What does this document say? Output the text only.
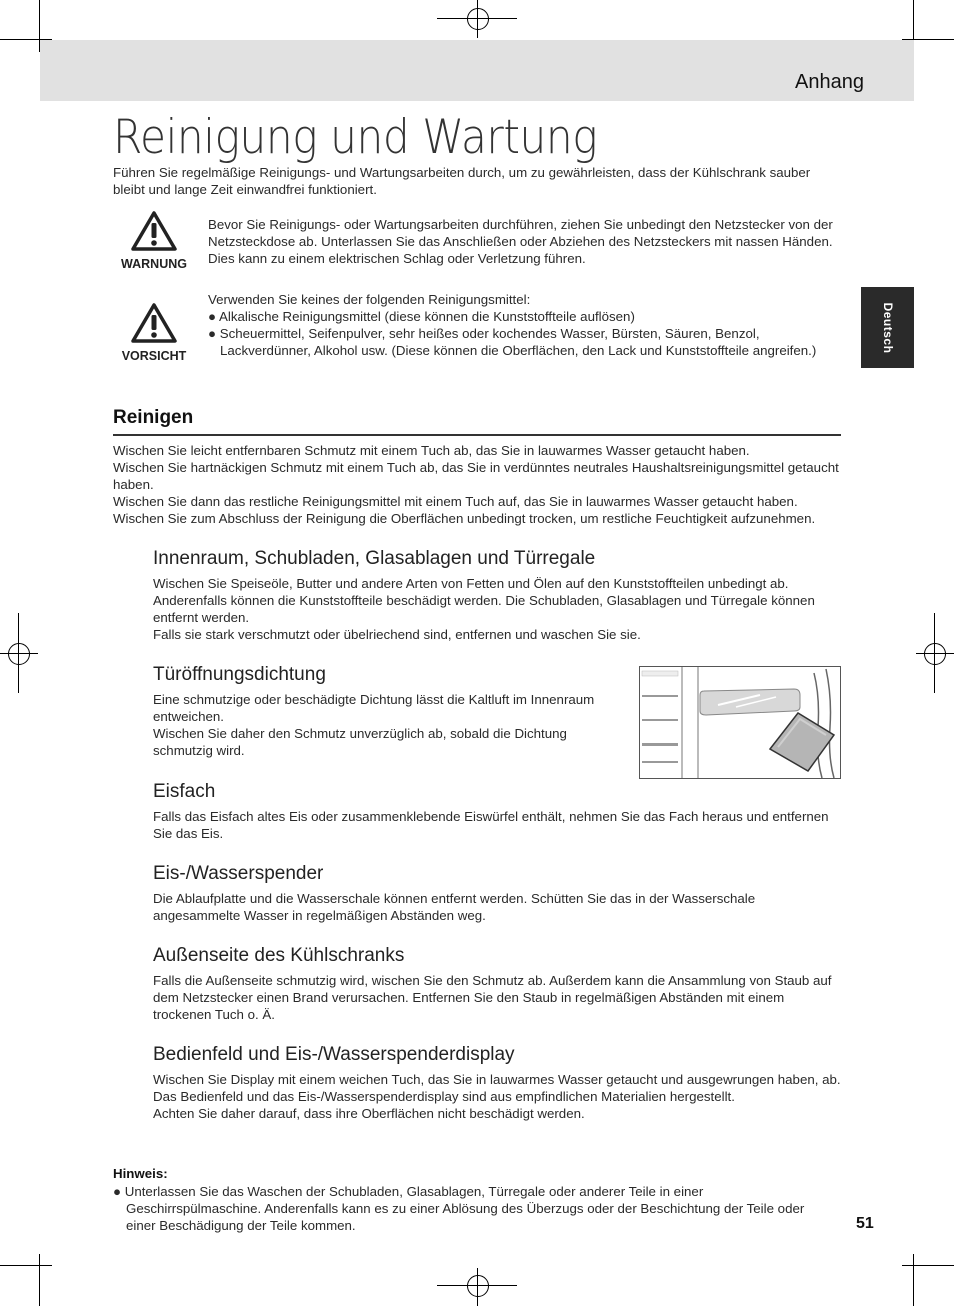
Anhang
Reinigung und Wartung

Führen Sie regelmäßige Reinigungs- und Wartungsarbeiten durch, um zu gewährleisten, dass der Kühlschrank sauber bleibt und lange Zeit einwandfrei funktioniert.

WARNUNG

Bevor Sie Reinigungs- oder Wartungsarbeiten durchführen, ziehen Sie unbedingt den Netzstecker von der Netzsteckdose ab. Unterlassen Sie das Anschließen oder Abziehen des Netzsteckers mit nassen Händen. Dies kann zu einem elektrischen Schlag oder Verletzung führen.

VORSICHT

Verwenden Sie keines der folgenden Reinigungsmittel:

● Alkalische Reinigungsmittel (diese können die Kunststoffteile auflösen)

● Scheuermittel, Seifenpulver, sehr heißes oder kochendes Wasser, Bürsten, Säuren, Benzol, Lackverdünner, Alkohol usw. (Diese können die Oberflächen, den Lack und Kunststoffteile angreifen.)	Deutsch
Reinigen

Wischen Sie leicht entfernbaren Schmutz mit einem Tuch ab, das Sie in lauwarmes Wasser getaucht haben.

Wischen Sie hartnäckigen Schmutz mit einem Tuch ab, das Sie in verdünntes neutrales Haushaltsreinigungsmittel getaucht haben.

Wischen Sie dann das restliche Reinigungsmittel mit einem Tuch auf, das Sie in lauwarmes Wasser getaucht haben.

Wischen Sie zum Abschluss der Reinigung die Oberflächen unbedingt trocken, um restliche Feuchtigkeit aufzunehmen.

Innenraum, Schubladen, Glasablagen und Türregale

Wischen Sie Speiseöle, Butter und andere Arten von Fetten und Ölen auf den Kunststoffteilen unbedingt ab. Anderenfalls können die Kunststoffteile beschädigt werden. Die Schubladen, Glasablagen und Türregale können entfernt werden.

Falls sie stark verschmutzt oder übelriechend sind, entfernen und waschen Sie sie.

Türöffnungsdichtung

Eine schmutzige oder beschädigte Dichtung lässt die Kaltluft im Innenraum entweichen.

Wischen Sie daher den Schmutz unverzüglich ab, sobald die Dichtung schmutzig wird.

Eisfach

Falls das Eisfach altes Eis oder zusammenklebende Eiswürfel enthält, nehmen Sie das Fach heraus und entfernen Sie das Eis.

Eis-/Wasserspender

Die Ablaufplatte und die Wasserschale können entfernt werden. Schütten Sie das in der Wasserschale angesammelte Wasser in regelmäßigen Abständen weg.

Außenseite des Kühlschranks

Falls die Außenseite schmutzig wird, wischen Sie den Schmutz ab. Außerdem kann die Ansammlung von Staub auf dem Netzstecker einen Brand verursachen. Entfernen Sie den Staub in regelmäßigen Abständen mit einem trockenen Tuch o. Ä.

Bedienfeld und Eis-/Wasserspenderdisplay

Wischen Sie Display mit einem weichen Tuch, das Sie in lauwarmes Wasser getaucht und ausgewrungen haben, ab.

Das Bedienfeld und das Eis-/Wasserspenderdisplay sind aus empfindlichen Materialien hergestellt.

Achten Sie daher darauf, dass ihre Oberflächen nicht beschädigt werden.

Hinweis:

● Unterlassen Sie das Waschen der Schubladen, Glasablagen, Türregale oder anderer Teile in einer Geschirrspülmaschine. Anderenfalls kann es zu einer Ablösung des Überzugs oder der Beschichtung der Teile oder einer Beschädigung der Teile kommen.	51
